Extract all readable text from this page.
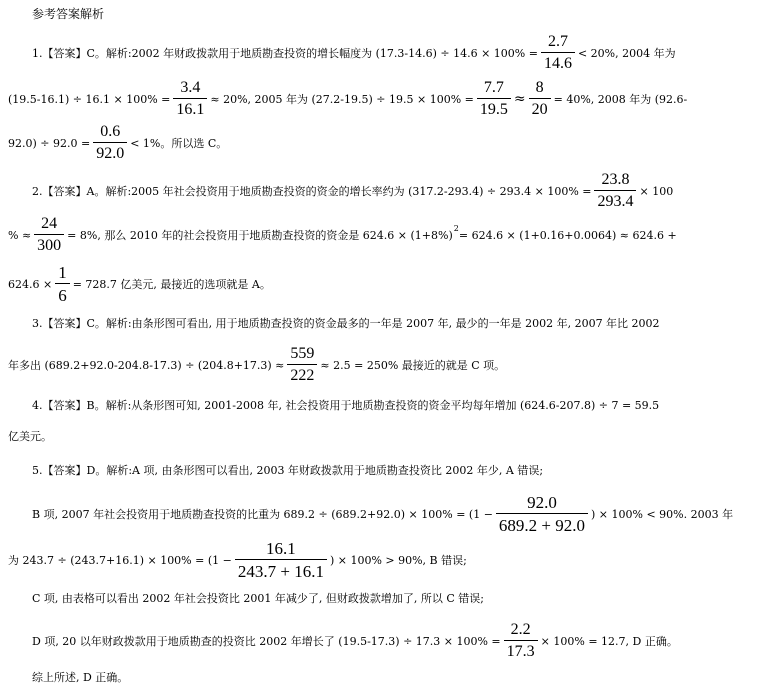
参考答案解析
1.【答案】C。解析:2002 年财政拨款用于地质勘查投资的增长幅度为 $(17.3-14.6) \div 14.6 \times 100\% = \frac{2.7}{14.6} < 20\%$, 2004 年为
$(19.5-16.1) \div 16.1 \times 100\% = \frac{3.4}{16.1} \approx 20\%$, 2005 年为 $(27.2-19.5) \div 19.5 \times 100\% = \frac{7.7}{19.5} \approx \frac{8}{20} = 40\%$, 2008 年为 (92.6-
$92.0) \div 92.0 = \frac{0.6}{92.0} < 1\%$。所以选 C。
2.【答案】A。解析:2005 年社会投资用于地质勘查投资的资金的增长率约为 $(317.2-293.4) \div 293.4 \times 100\% = \frac{23.8}{293.4} \times 100$
% ≈ $\frac{24}{300} = 8\%$, 那么 2010 年的社会投资用于地质勘查投资的资金是 624.6 × (1+8%) 2 = 624.6 × (1+0.16+0.0064) ≈ 624.6 +
$624.6 \times \frac{1}{6} = 728.7$ 亿美元, 最接近的选项就是 A。
3.【答案】C。解析:由条形图可看出, 用于地质勘查投资的资金最多的一年是 2007 年, 最少的一年是 2002 年, 2007 年比 2002
年多出 $(689.2+92.0-204.8-17.3) \div (204.8+17.3) \approx \frac{559}{222} \approx 2.5 = 250\%$ 最接近的就是 C 项。
4.【答案】B。解析:从条形图可知, 2001-2008 年, 社会投资用于地质勘查投资的资金平均每年增加 (624.6-207.8) ÷ 7 = 59.5
亿美元。
5.【答案】D。解析:A 项, 由条形图可以看出, 2003 年财政拨款用于地质勘查投资比 2002 年少, A 错误;
B 项, 2007 年社会投资用于地质勘查投资的比重为 $689.2 \div (689.2+92.0) \times 100\% = (1 - \frac{92.0}{689.2 + 92.0}$ ) × 100% < 90%. 2003 年
为 $243.7 \div (243.7+16.1) \times 100\% = (1 - \frac{16.1}{243.7 + 16.1}$ ) × 100% > 90%, B 错误;
C 项, 由表格可以看出 2002 年社会投资比 2001 年减少了, 但财政拨款增加了, 所以 C 错误;
D 项, 20 以年财政拨款用于地质勘查的投资比 2002 年增长了 $(19.5-17.3) \div 17.3 \times 100\% = \frac{2.2}{17.3} \times 100\% = 12.7$, D 正确。
综上所述, D 正确。
